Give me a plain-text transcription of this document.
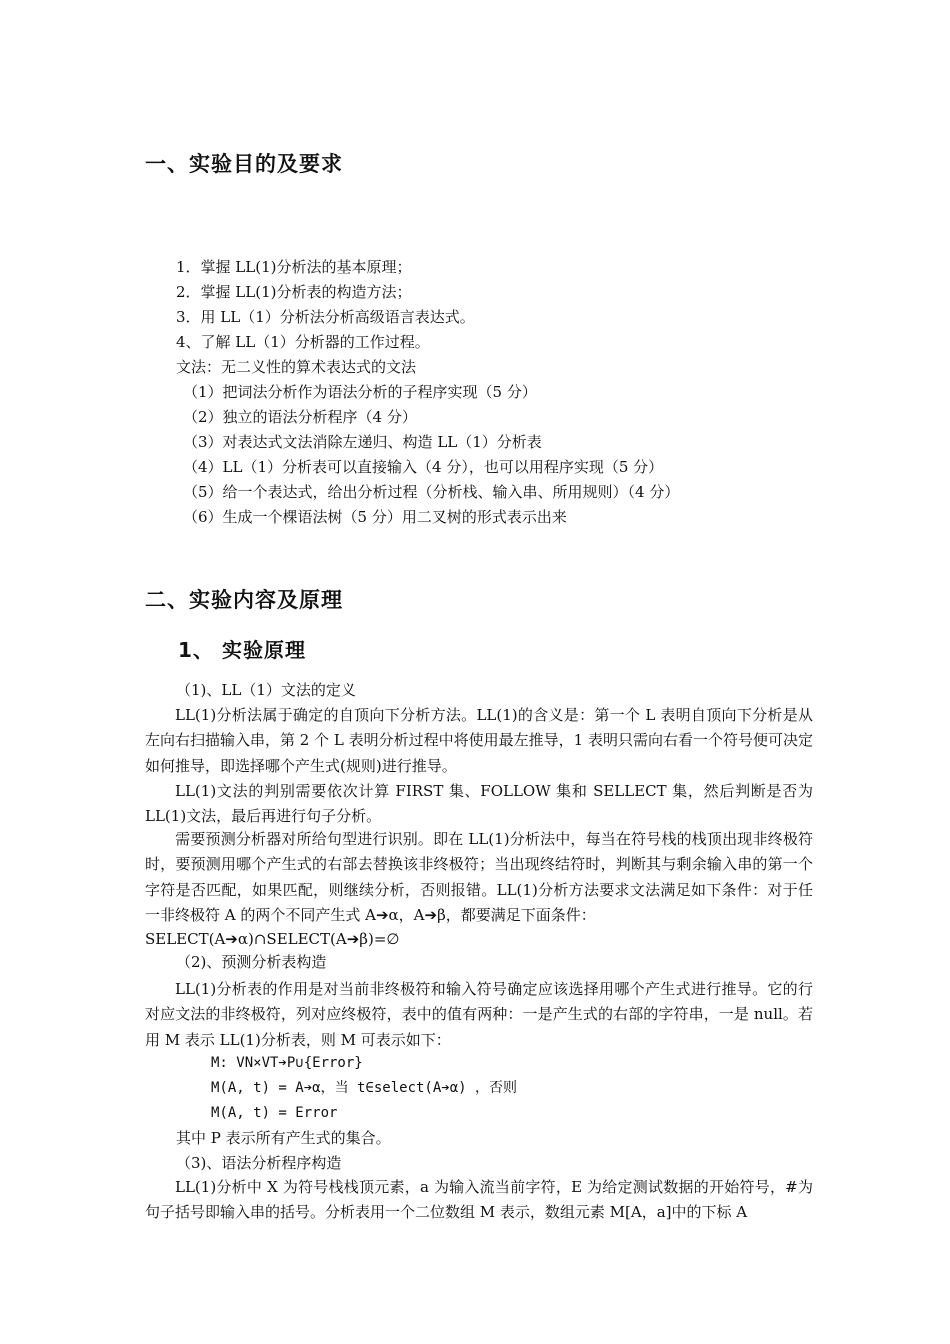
一、实验目的及要求
1．掌握 LL(1)分析法的基本原理；
2．掌握 LL(1)分析表的构造方法；
3．用 LL（1）分析法分析高级语言表达式。
4、了解 LL（1）分析器的工作过程。
文法：无二义性的算术表达式的文法
（1）把词法分析作为语法分析的子程序实现（5 分）
（2）独立的语法分析程序（4 分）
（3）对表达式文法消除左递归、构造 LL（1）分析表
（4）LL（1）分析表可以直接输入（4 分），也可以用程序实现（5 分）
（5）给一个表达式，给出分析过程（分析栈、输入串、所用规则）（4 分）
（6）生成一个棵语法树（5 分）用二叉树的形式表示出来
二、实验内容及原理
1、 实验原理
（1)、LL（1）文法的定义
LL(1)分析法属于确定的自顶向下分析方法。LL(1)的含义是：第一个 L 表明自顶向下分析是从左向右扫描输入串，第 2 个 L 表明分析过程中将使用最左推导，1 表明只需向右看一个符号便可决定如何推导，即选择哪个产生式(规则)进行推导。
LL(1)文法的判别需要依次计算 FIRST 集、FOLLOW 集和 SELLECT 集，然后判断是否为 LL(1)文法，最后再进行句子分析。
需要预测分析器对所给句型进行识别。即在 LL(1)分析法中，每当在符号栈的栈顶出现非终极符时，要预测用哪个产生式的右部去替换该非终极符；当出现终结符时，判断其与剩余输入串的第一个字符是否匹配，如果匹配，则继续分析，否则报错。LL(1)分析方法要求文法满足如下条件：对于任一非终极符 A 的两个不同产生式 A➔α，A➔β，都要满足下面条件：
SELECT(A➔α)∩SELECT(A➔β)=∅
（2)、预测分析表构造
LL(1)分析表的作用是对当前非终极符和输入符号确定应该选择用哪个产生式进行推导。它的行对应文法的非终极符，列对应终极符，表中的值有两种：一是产生式的右部的字符串，一是 null。若用 M 表示 LL(1)分析表，则 M 可表示如下：
M: VN×VT➔P∪{Error}
M(A, t) = A➔α，当 t∈select(A➔α) ，否则
M(A, t) = Error
其中 P 表示所有产生式的集合。
（3)、语法分析程序构造
LL(1)分析中 X 为符号栈栈顶元素，a 为输入流当前字符，E 为给定测试数据的开始符号，#为句子括号即输入串的括号。分析表用一个二位数组 M 表示，数组元素 M[A，a]中的下标 A
